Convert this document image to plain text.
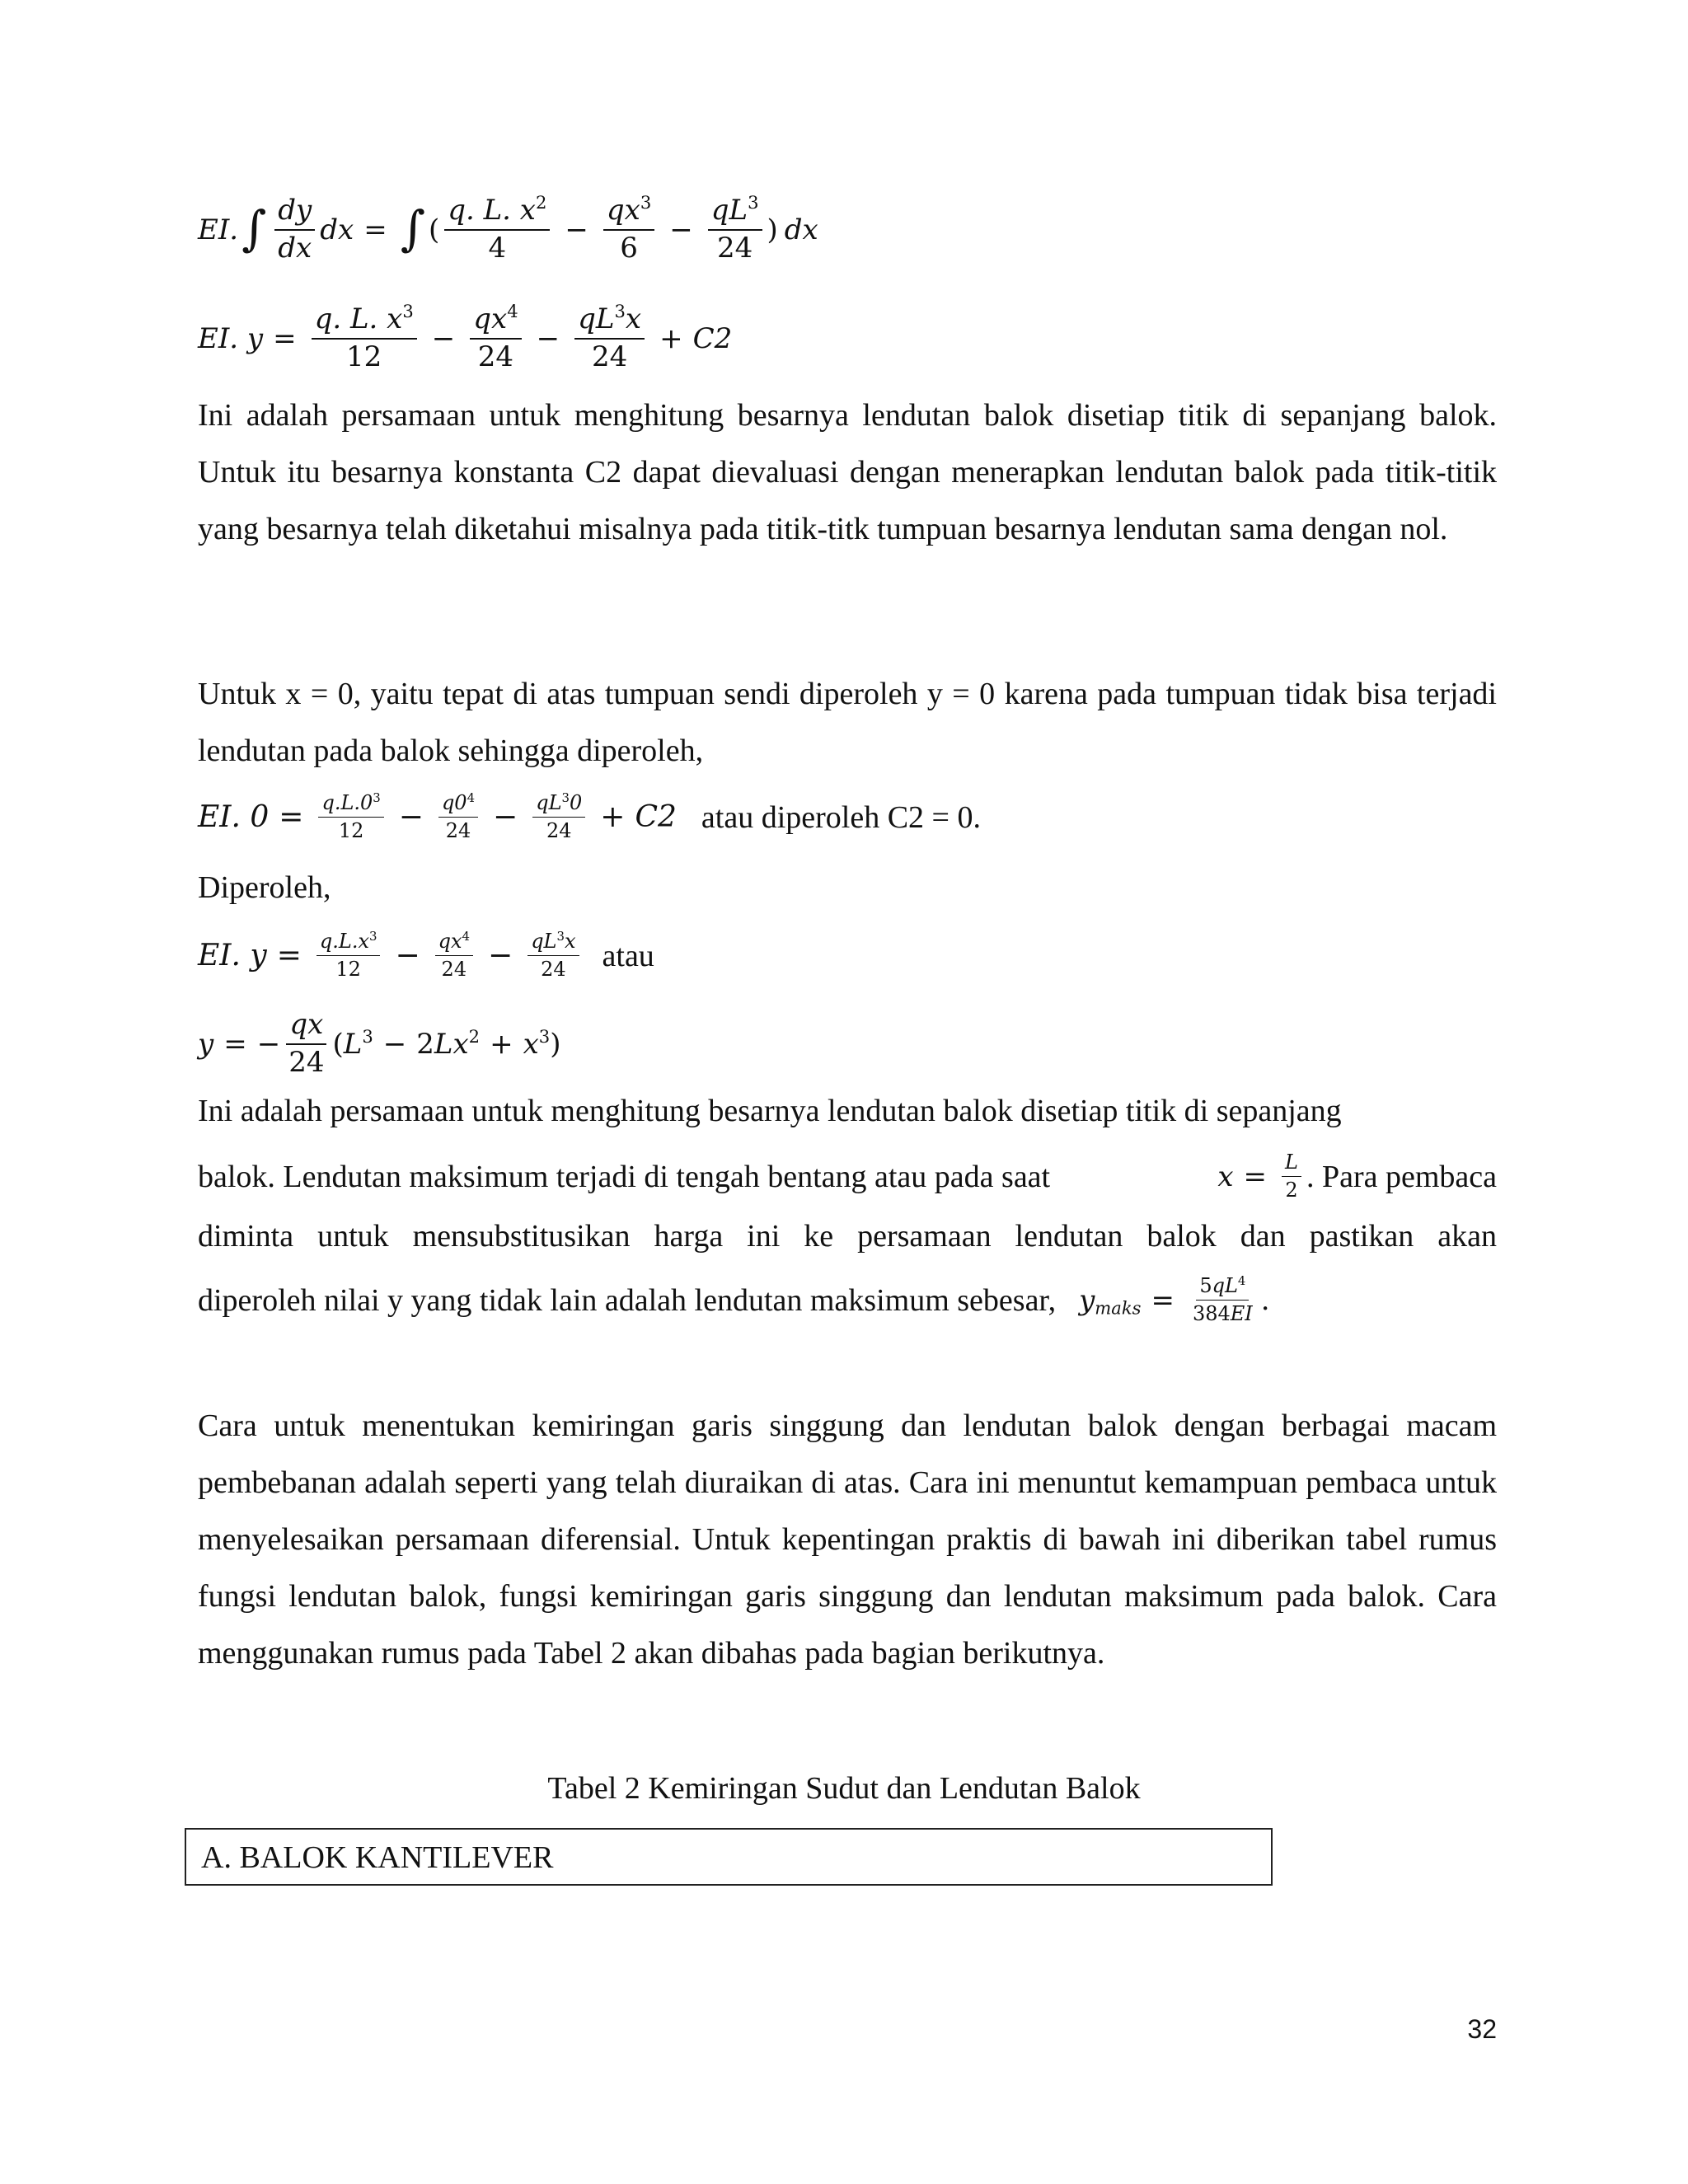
EI. ∫ $\frac{dy}{dx}$ dx = ∫ ( $\frac{q. L. x^2}{4} - \frac{qx^3}{6} - \frac{qL^3}{24}$ ) dx
EI. $y = \frac{q. L. x^3}{12} - \frac{qx^4}{24} - \frac{qL^3x}{24} + C2$

Ini adalah persamaan untuk menghitung besarnya lendutan balok disetiap titik di sepanjang balok. Untuk itu besarnya konstanta C2 dapat dievaluasi dengan menerapkan lendutan balok pada titik-titik yang besarnya telah diketahui misalnya pada titik-titk tumpuan besarnya lendutan sama dengan nol.

Untuk x = 0, yaitu tepat di atas tumpuan sendi diperoleh y = 0 karena pada tumpuan tidak bisa terjadi lendutan pada balok sehingga diperoleh,

EI. $0 = \frac{q.L.0^3}{12} - \frac{q0^4}{24} - \frac{qL^30}{24} + C2$ atau diperoleh C2 = 0.
Diperoleh,
EI. $y = \frac{q.L.x^3}{12} - \frac{qx^4}{24} - \frac{qL^3x}{24}$ atau
y = − $\frac{qx}{24}$ ( $L^3 - 2Lx^2 + x^3$ )
Ini adalah persamaan untuk menghitung besarnya lendutan balok disetiap titik di sepanjang
balok. Lendutan maksimum terjadi di tengah bentang atau pada saat	$x = \frac{L}{2}$ . Para pembaca
diminta untuk mensubstitusikan harga ini ke persamaan lendutan balok dan pastikan akan
diperoleh nilai y yang tidak lain adalah lendutan maksimum sebesar, $y_{maks} = \frac{5qL^4}{384EI}$ .

Cara untuk menentukan kemiringan garis singgung dan lendutan balok dengan berbagai macam pembebanan adalah seperti yang telah diuraikan di atas. Cara ini menuntut kemampuan pembaca untuk menyelesaikan persamaan diferensial. Untuk kepentingan praktis di bawah ini diberikan tabel rumus fungsi lendutan balok, fungsi kemiringan garis singgung dan lendutan maksimum pada balok. Cara menggunakan rumus pada Tabel 2 akan dibahas pada bagian berikutnya.

Tabel 2 Kemiringan Sudut dan Lendutan Balok
A. BALOK KANTILEVER
32
